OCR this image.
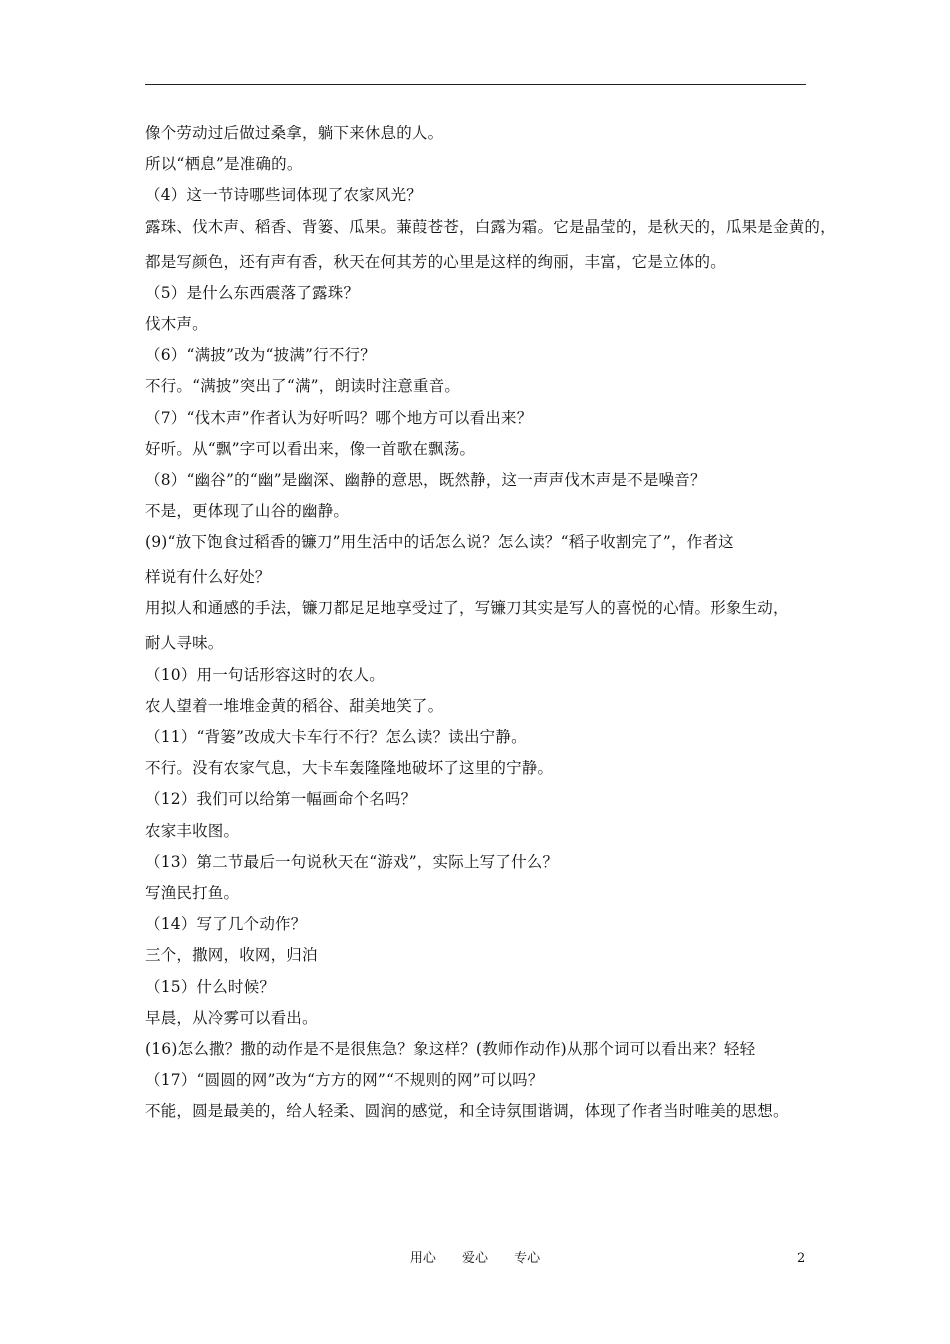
像个劳动过后做过桑拿，躺下来休息的人。
所以“栖息”是准确的。
（4）这一节诗哪些词体现了农家风光？
露珠、伐木声、稻香、背篓、瓜果。蒹葭苍苍，白露为霜。它是晶莹的，是秋天的，瓜果是金黄的，
都是写颜色，还有声有香，秋天在何其芳的心里是这样的绚丽，丰富，它是立体的。
（5）是什么东西震落了露珠？
伐木声。
（6）“满披”改为“披满”行不行？
不行。“满披”突出了“满”，朗读时注意重音。
（7）“伐木声”作者认为好听吗？哪个地方可以看出来？
好听。从“飘”字可以看出来，像一首歌在飘荡。
（8）“幽谷”的“幽”是幽深、幽静的意思，既然静，这一声声伐木声是不是噪音？
不是，更体现了山谷的幽静。
(9)“放下饱食过稻香的镰刀”用生活中的话怎么说？怎么读？“稻子收割完了”，作者这
样说有什么好处？
用拟人和通感的手法，镰刀都足足地享受过了，写镰刀其实是写人的喜悦的心情。形象生动，
耐人寻味。
（10）用一句话形容这时的农人。
农人望着一堆堆金黄的稻谷、甜美地笑了。
（11）“背篓”改成大卡车行不行？怎么读？读出宁静。
不行。没有农家气息，大卡车轰隆隆地破坏了这里的宁静。
（12）我们可以给第一幅画命个名吗？
农家丰收图。
（13）第二节最后一句说秋天在“游戏”，实际上写了什么？
写渔民打鱼。
（14）写了几个动作？
三个，撒网，收网，归泊
（15）什么时候？
早晨，从冷雾可以看出。
(16)怎么撒？撒的动作是不是很焦急？象这样？(教师作动作)从那个词可以看出来？轻轻
（17）“圆圆的网”改为“方方的网”“不规则的网”可以吗？
不能，圆是最美的，给人轻柔、圆润的感觉，和全诗氛围谐调，体现了作者当时唯美的思想。
用心 爱心 专心	2
